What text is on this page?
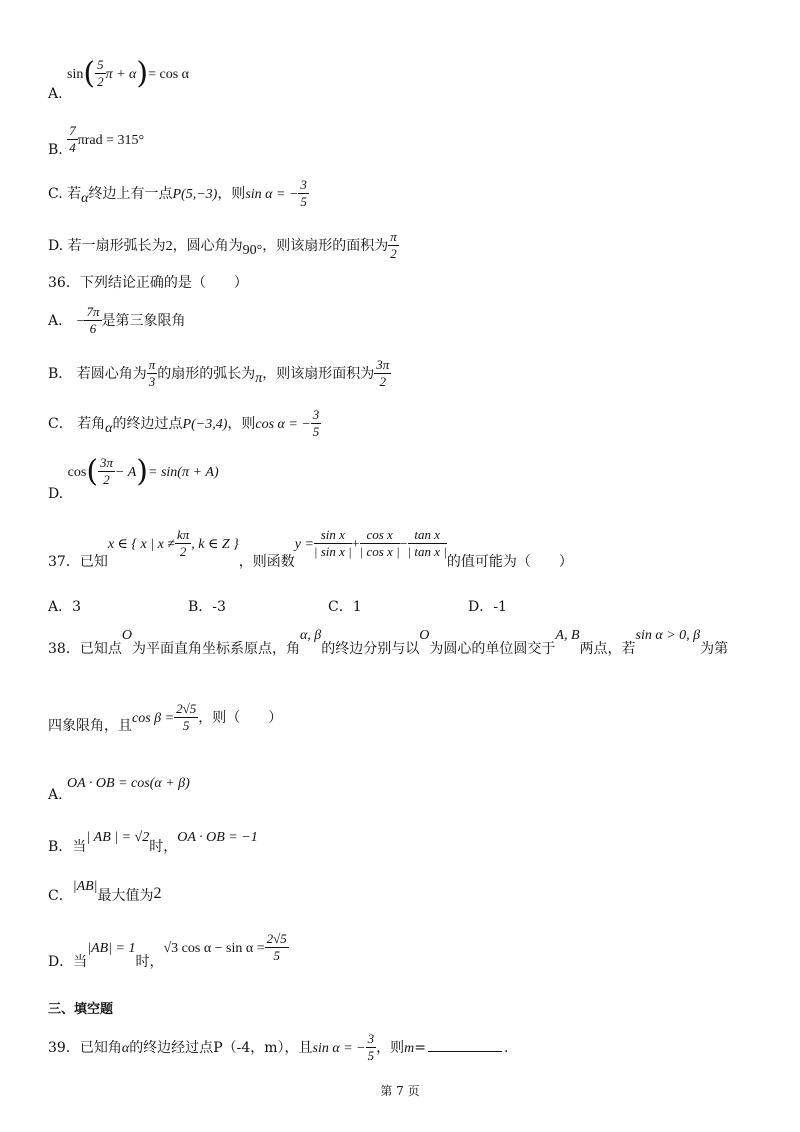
A. $\sin( \frac{5}{2}$ π + α)= cos α
B. $\frac{7}{4}$ πrad = 315°
C. 若α终边上有一点P(5,−3)，则sin α = − $\frac{3}{5}$
D. 若一扇形弧长为2，圆心角为90°，则该扇形的面积为 $\frac{\pi}{2}$
36．下列结论正确的是（　　）
A． − $\frac{7\pi}{6}$ 是第三象限角
B． 若圆心角为 $\frac{\pi}{3}$ 的扇形的弧长为π，则该扇形面积为 $\frac{3\pi}{2}$
C． 若角α的终边过点P(−3,4)，则cos α = − $\frac{3}{5}$
D. $\cos( \frac{3\pi}{2} - A)= \sin(\pi + A)$
37．已知x ∈ { x | $x \ne \frac{k\pi}{2}$ , k ∈ Z }，则函数$y = \frac{\text{sin x}}{\text{| sin x |}} + \frac{\text{cos x}}{\text{| cos x |}} - \frac{\text{tan x}}{\text{| tan x |}}$
的值可能为（　　）
A．3	B．-3	C．1	D．-1
38．已知点O为平面直角坐标系原点，角α, β的终边分别与以O为圆心的单位圆交于A, B两点，若sin α > 0, β为第
四象限角，且$\cos \beta = \frac{2√5}{5}$ ，则（　　）
A. OA · OB = cos(α + β)
B．当| AB | = √2时，OA · OB = −1
C．|AB|最大值为2
D．当|AB| = 1时，√3 $\cos \alpha - \sin \alpha = \frac{2√5}{5}$
三、填空题
39．已知角α的终边经过点P（-4，m），且sin α = − $\frac{3}{5}$ ，则m=	.
第 7 页
